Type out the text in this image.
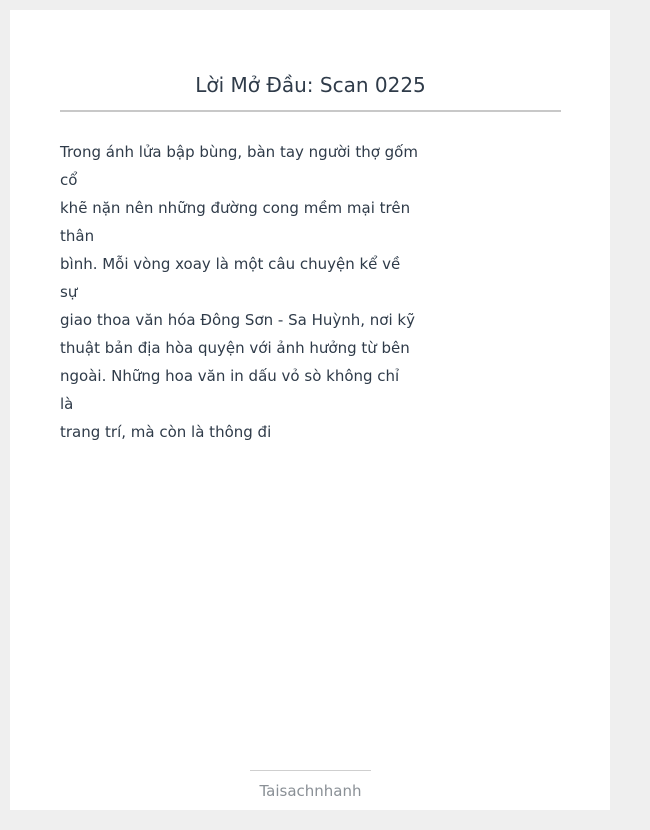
Lời Mở Đầu: Scan 0225
Trong ánh lửa bập bùng, bàn tay người thợ gốm
cổ
khẽ nặn nên những đường cong mềm mại trên
thân
bình. Mỗi vòng xoay là một câu chuyện kể về
sự
giao thoa văn hóa Đông Sơn - Sa Huỳnh, nơi kỹ
thuật bản địa hòa quyện với ảnh hưởng từ bên
ngoài. Những hoa văn in dấu vỏ sò không chỉ
là
trang trí, mà còn là thông đi
Taisachnhanh
